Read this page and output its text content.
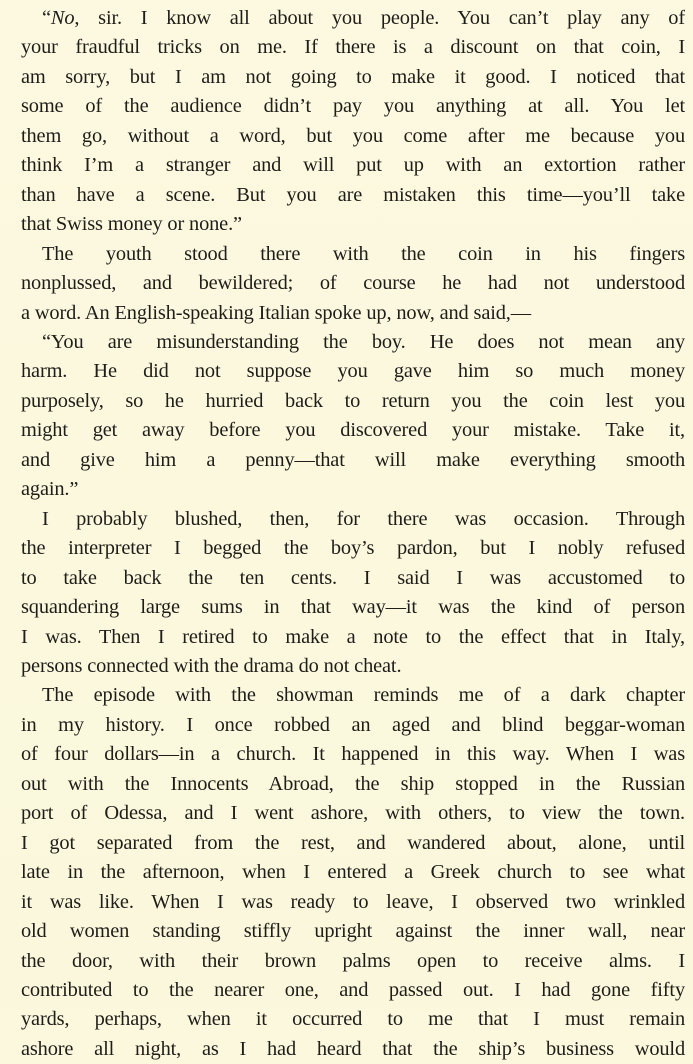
“No, sir. I know all about you people. You can’t play any of
your fraudful tricks on me. If there is a discount on that coin, I
am sorry, but I am not going to make it good. I noticed that
some of the audience didn’t pay you anything at all. You let
them go, without a word, but you come after me because you
think I’m a stranger and will put up with an extortion rather
than have a scene. But you are mistaken this time—you’ll take
that Swiss money or none.”
The youth stood there with the coin in his fingers
nonplussed, and bewildered; of course he had not understood
a word. An English-speaking Italian spoke up, now, and said,—
“You are misunderstanding the boy. He does not mean any
harm. He did not suppose you gave him so much money
purposely, so he hurried back to return you the coin lest you
might get away before you discovered your mistake. Take it,
and give him a penny—that will make everything smooth
again.”
I probably blushed, then, for there was occasion. Through
the interpreter I begged the boy’s pardon, but I nobly refused
to take back the ten cents. I said I was accustomed to
squandering large sums in that way—it was the kind of person
I was. Then I retired to make a note to the effect that in Italy,
persons connected with the drama do not cheat.
The episode with the showman reminds me of a dark chapter
in my history. I once robbed an aged and blind beggar-woman
of four dollars—in a church. It happened in this way. When I was
out with the Innocents Abroad, the ship stopped in the Russian
port of Odessa, and I went ashore, with others, to view the town.
I got separated from the rest, and wandered about, alone, until
late in the afternoon, when I entered a Greek church to see what
it was like. When I was ready to leave, I observed two wrinkled
old women standing stiffly upright against the inner wall, near
the door, with their brown palms open to receive alms. I
contributed to the nearer one, and passed out. I had gone fifty
yards, perhaps, when it occurred to me that I must remain
ashore all night, as I had heard that the ship’s business would
